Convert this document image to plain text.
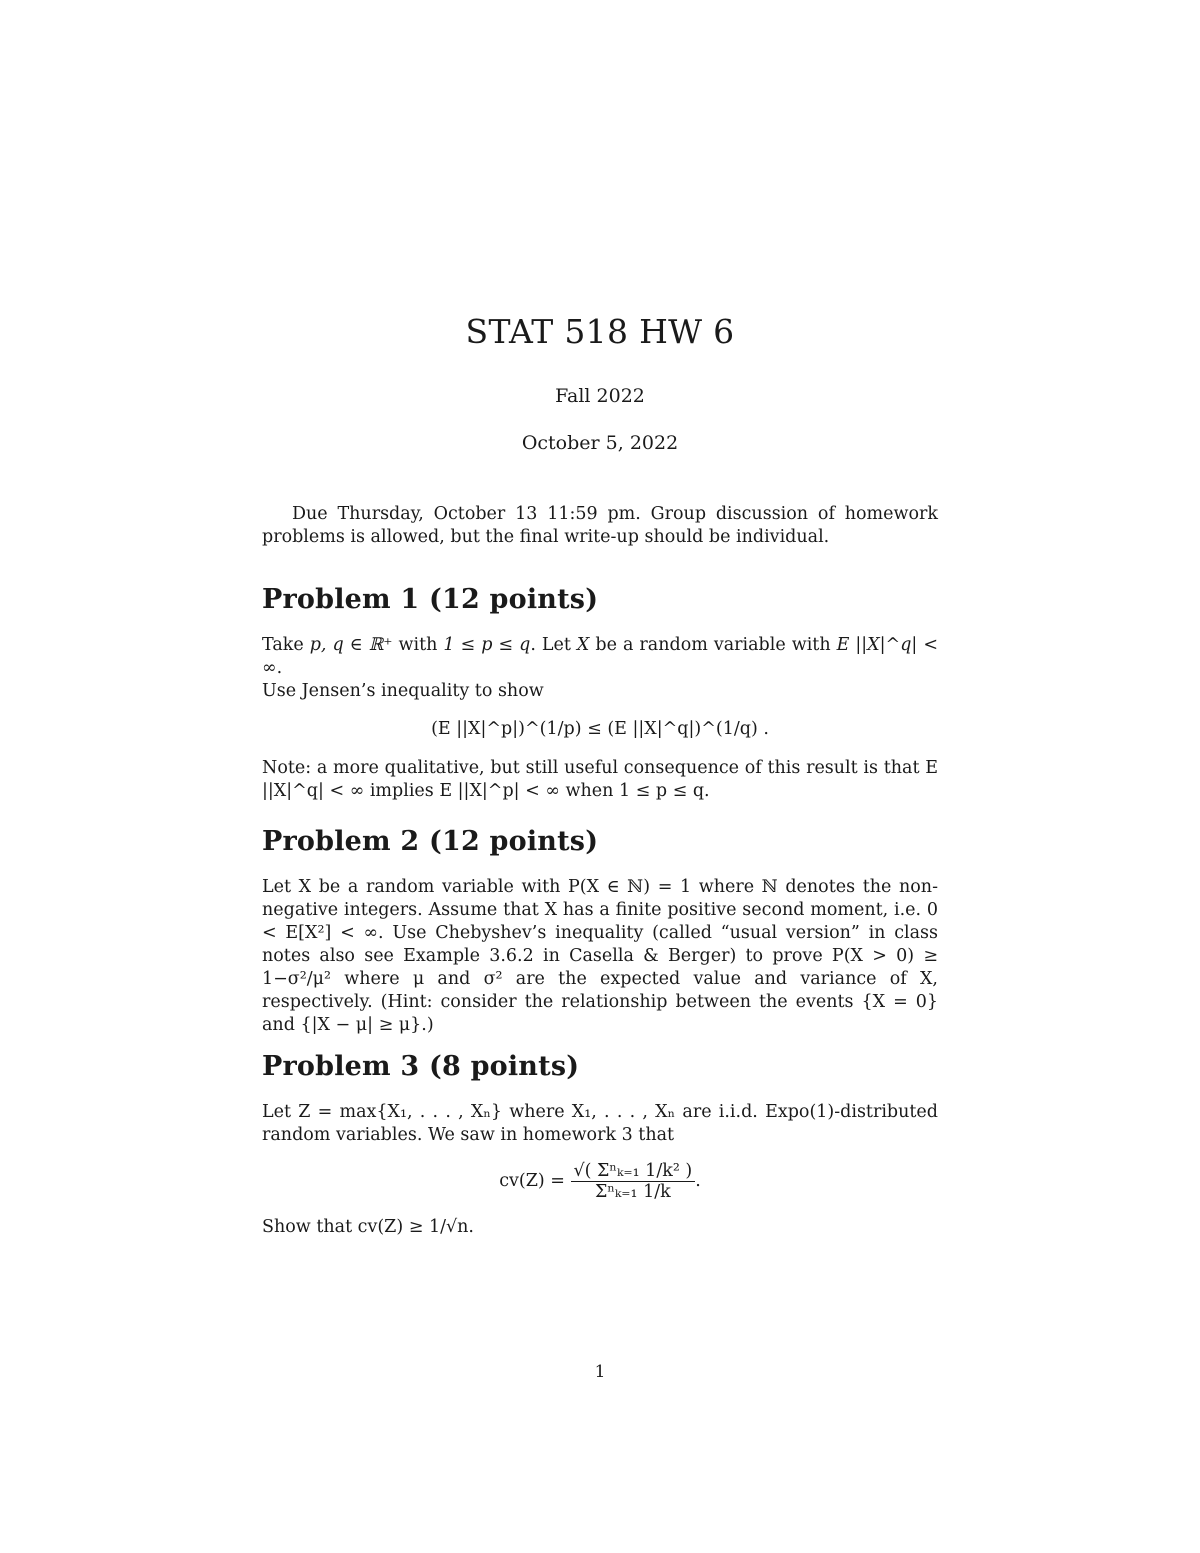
STAT 518 HW 6
Fall 2022
October 5, 2022

Due Thursday, October 13 11:59 pm. Group discussion of homework problems is allowed, but the final write-up should be individual.

Problem 1 (12 points)

Take p, q ∈ ℝ⁺ with 1 ≤ p ≤ q. Let X be a random variable with E ||X|^q| < ∞.
Use Jensen’s inequality to show

(E ||X|^p|)^(1/p) ≤ (E ||X|^q|)^(1/q) .

Note: a more qualitative, but still useful consequence of this result is that E ||X|^q| < ∞ implies E ||X|^p| < ∞ when 1 ≤ p ≤ q.

Problem 2 (12 points)

Let X be a random variable with P(X ∈ ℕ) = 1 where ℕ denotes the non-negative integers. Assume that X has a finite positive second moment, i.e. 0 < E[X²] < ∞. Use Chebyshev’s inequality (called “usual version” in class notes also see Example 3.6.2 in Casella & Berger) to prove P(X > 0) ≥ 1−σ²/μ² where μ and σ² are the expected value and variance of X, respectively. (Hint: consider the relationship between the events {X = 0} and {|X − μ| ≥ μ}.)

Problem 3 (8 points)

Let Z = max{X₁, . . . , Xₙ} where X₁, . . . , Xₙ are i.i.d. Expo(1)-distributed random variables. We saw in homework 3 that

$cv(Z) = \frac{\text{√( Σⁿₖ₌₁ 1/k² )}}{\text{Σⁿₖ₌₁ 1/k}}$ .

Show that cv(Z) ≥ 1/√n.

1
